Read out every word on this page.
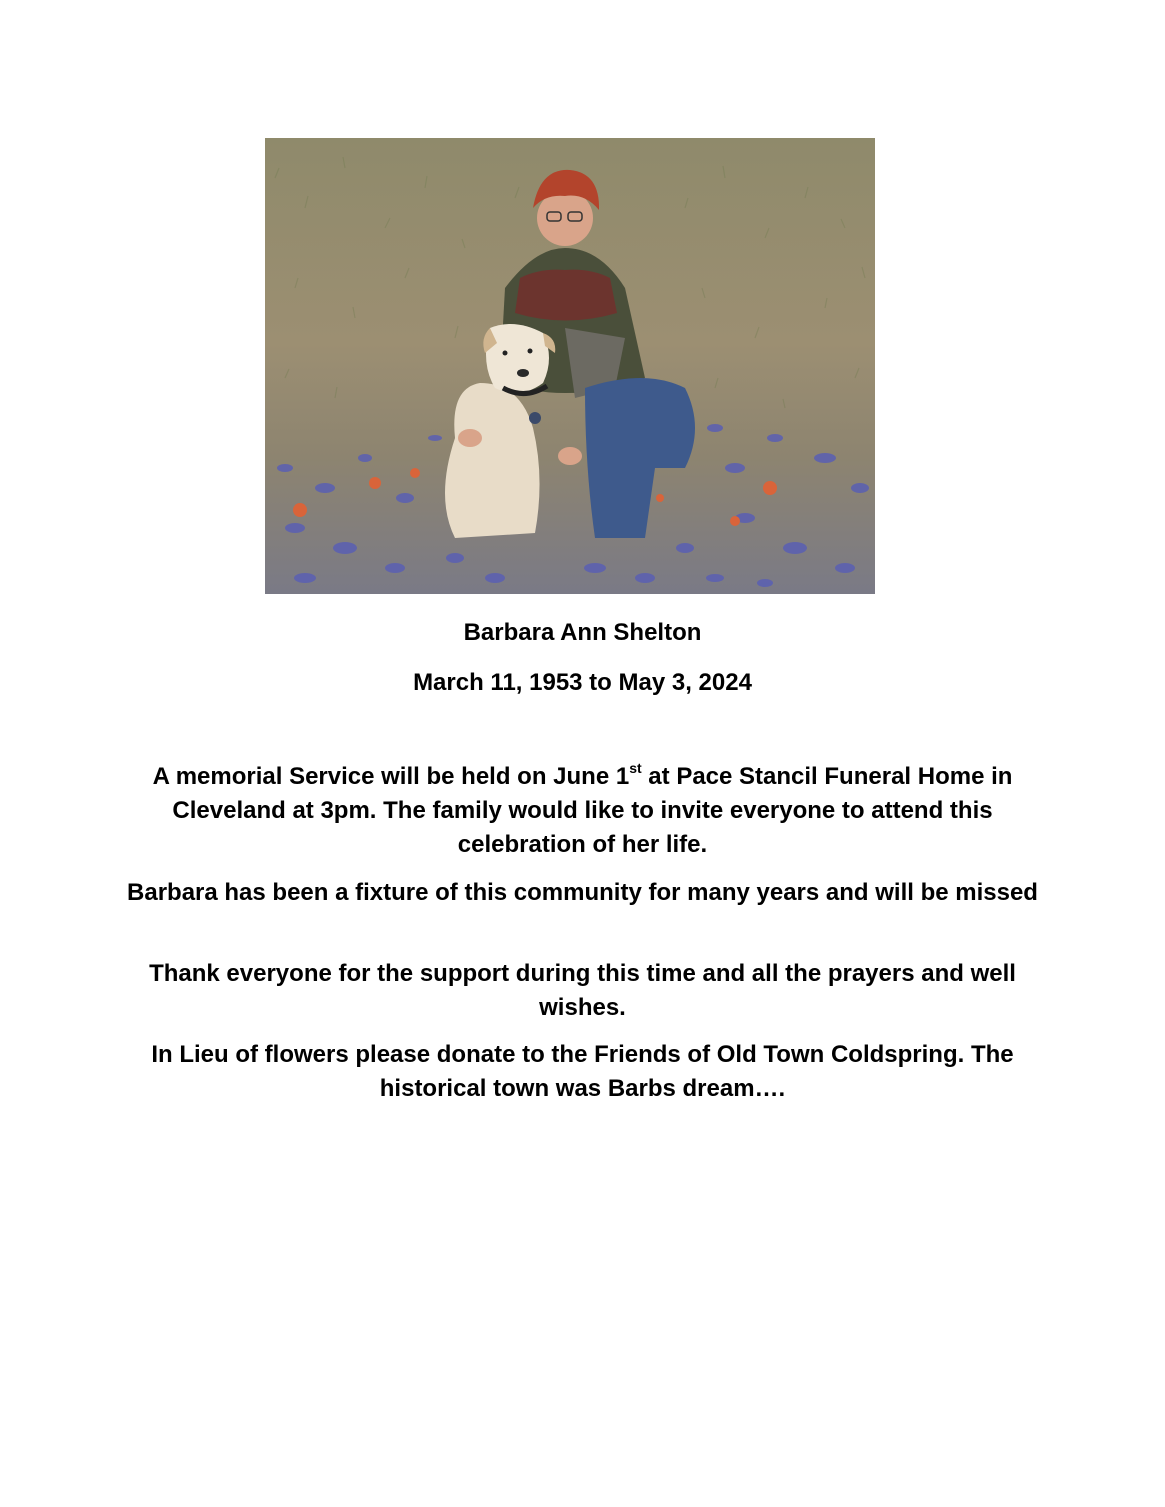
Barbara Ann Shelton
March 11, 1953 to May 3, 2024
A memorial Service will be held on June 1st at Pace Stancil Funeral Home in Cleveland at 3pm. The family would like to invite everyone to attend this celebration of her life.
Barbara has been a fixture of this community for many years and will be missed
Thank everyone for the support during this time and all the prayers and well wishes.
In Lieu of flowers please donate to the Friends of Old Town Coldspring. The historical town was Barbs dream….
